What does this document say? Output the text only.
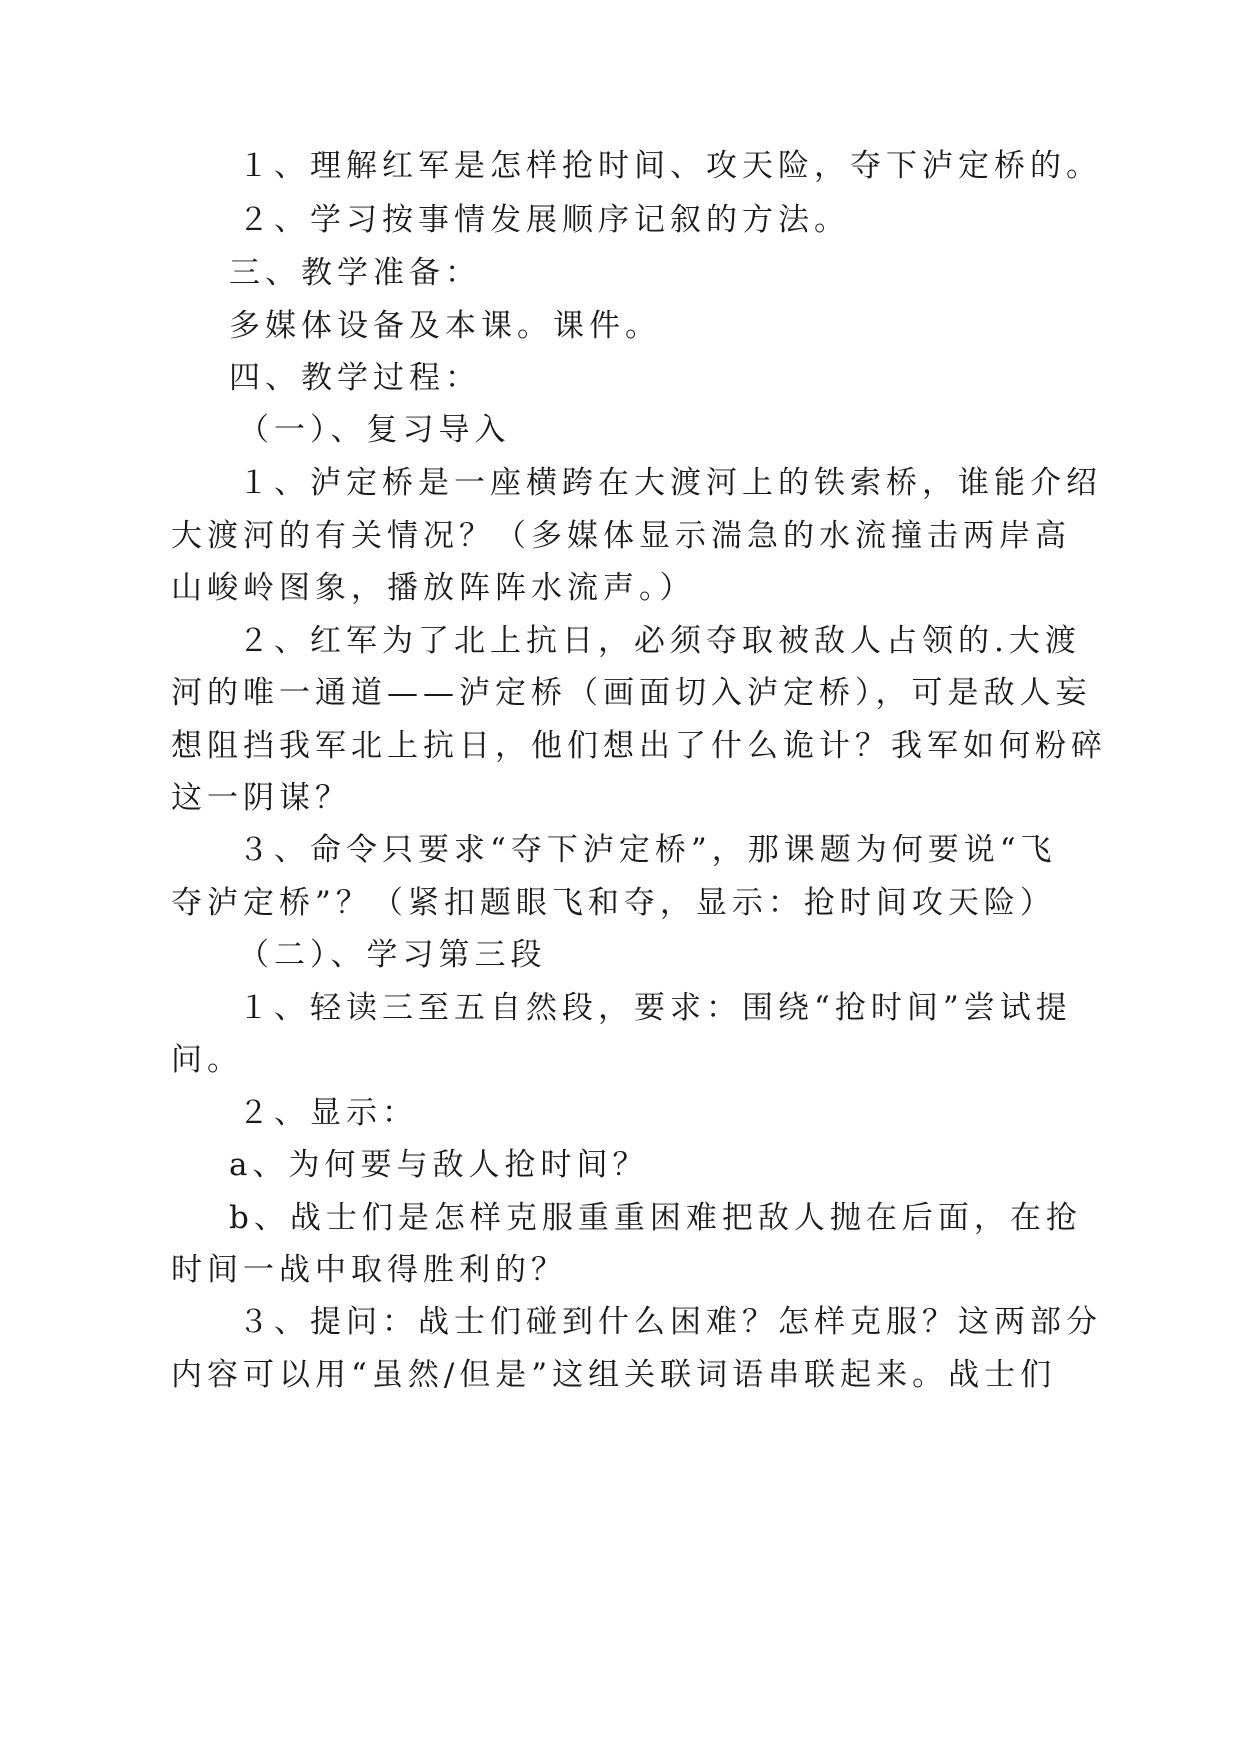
１、理解红军是怎样抢时间、攻天险，夺下泸定桥的。
２、学习按事情发展顺序记叙的方法。
三、教学准备：
多媒体设备及本课。课件。
四、教学过程：
（一）、复习导入
１、泸定桥是一座横跨在大渡河上的铁索桥，谁能介绍
大渡河的有关情况？（多媒体显示湍急的水流撞击两岸高
山峻岭图象，播放阵阵水流声。）
２、红军为了北上抗日，必须夺取被敌人占领的.大渡
河的唯一通道——泸定桥（画面切入泸定桥），可是敌人妄
想阻挡我军北上抗日，他们想出了什么诡计？我军如何粉碎
这一阴谋？
３、命令只要求“夺下泸定桥”，那课题为何要说“飞
夺泸定桥”？（紧扣题眼飞和夺，显示：抢时间攻天险）
（二）、学习第三段
１、轻读三至五自然段，要求：围绕“抢时间”尝试提
问。
２、显示：
a、为何要与敌人抢时间？
b、战士们是怎样克服重重困难把敌人抛在后面，在抢
时间一战中取得胜利的？
３、提问：战士们碰到什么困难？怎样克服？这两部分
内容可以用“虽然/但是”这组关联词语串联起来。战士们
